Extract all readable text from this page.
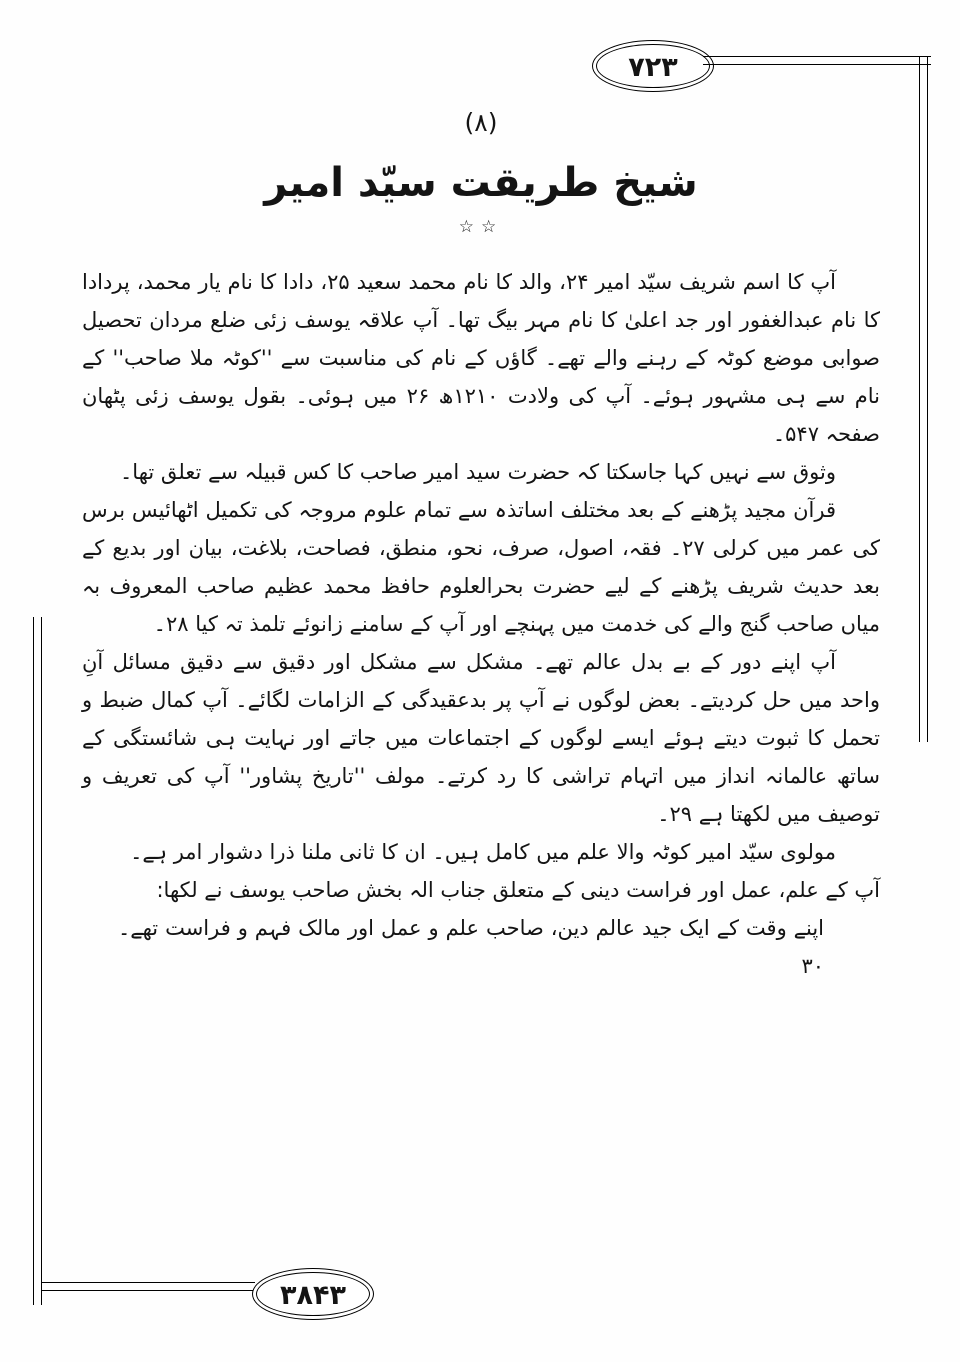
۷۲۳
۳۸۴۳
(۸)
شیخ طریقت سیّد امیر
☆☆

آپ کا اسم شریف سیّد امیر ۲۴، والد کا نام محمد سعید ۲۵، دادا کا نام یار محمد، پردادا کا نام عبدالغفور اور جد اعلیٰ کا نام مہر بیگ تھا۔ آپ علاقہ یوسف زئی ضلع مردان تحصیل صوابی موضع کوٹہ کے رہنے والے تھے۔ گاؤں کے نام کی مناسبت سے ''کوٹہ ملا صاحب'' کے نام سے ہی مشہور ہوئے۔ آپ کی ولادت ۱۲۱۰ھ ۲۶ میں ہوئی۔ بقول یوسف زئی پٹھان صفحہ ۵۴۷۔

وثوق سے نہیں کہا جاسکتا کہ حضرت سید امیر صاحب کا کس قبیلہ سے تعلق تھا۔

قرآن مجید پڑھنے کے بعد مختلف اساتذہ سے تمام علوم مروجہ کی تکمیل اٹھائیس برس کی عمر میں کرلی ۲۷۔ فقہ، اصول، صرف، نحو، منطق، فصاحت، بلاغت، بیان اور بدیع کے بعد حدیث شریف پڑھنے کے لیے حضرت بحرالعلوم حافظ محمد عظیم صاحب المعروف بہ میاں صاحب گنج والے کی خدمت میں پہنچے اور آپ کے سامنے زانوئے تلمذ تہ کیا ۲۸۔

آپ اپنے دور کے بے بدل عالم تھے۔ مشکل سے مشکل اور دقیق سے دقیق مسائل آنِ واحد میں حل کردیتے۔ بعض لوگوں نے آپ پر بدعقیدگی کے الزامات لگائے۔ آپ کمال ضبط و تحمل کا ثبوت دیتے ہوئے ایسے لوگوں کے اجتماعات میں جاتے اور نہایت ہی شائستگی کے ساتھ عالمانہ انداز میں اتہام تراشی کا رد کرتے۔ مولف ''تاریخ پشاور'' آپ کی تعریف و توصیف میں لکھتا ہے ۲۹۔

مولوی سیّد امیر کوٹہ والا علم میں کامل ہیں۔ ان کا ثانی ملنا ذرا دشوار امر ہے۔

آپ کے علم، عمل اور فراست دینی کے متعلق جناب الہ بخش صاحب یوسف نے لکھا:

اپنے وقت کے ایک جید عالم دین، صاحب علم و عمل اور مالک فہم و فراست تھے۔ ۳۰
